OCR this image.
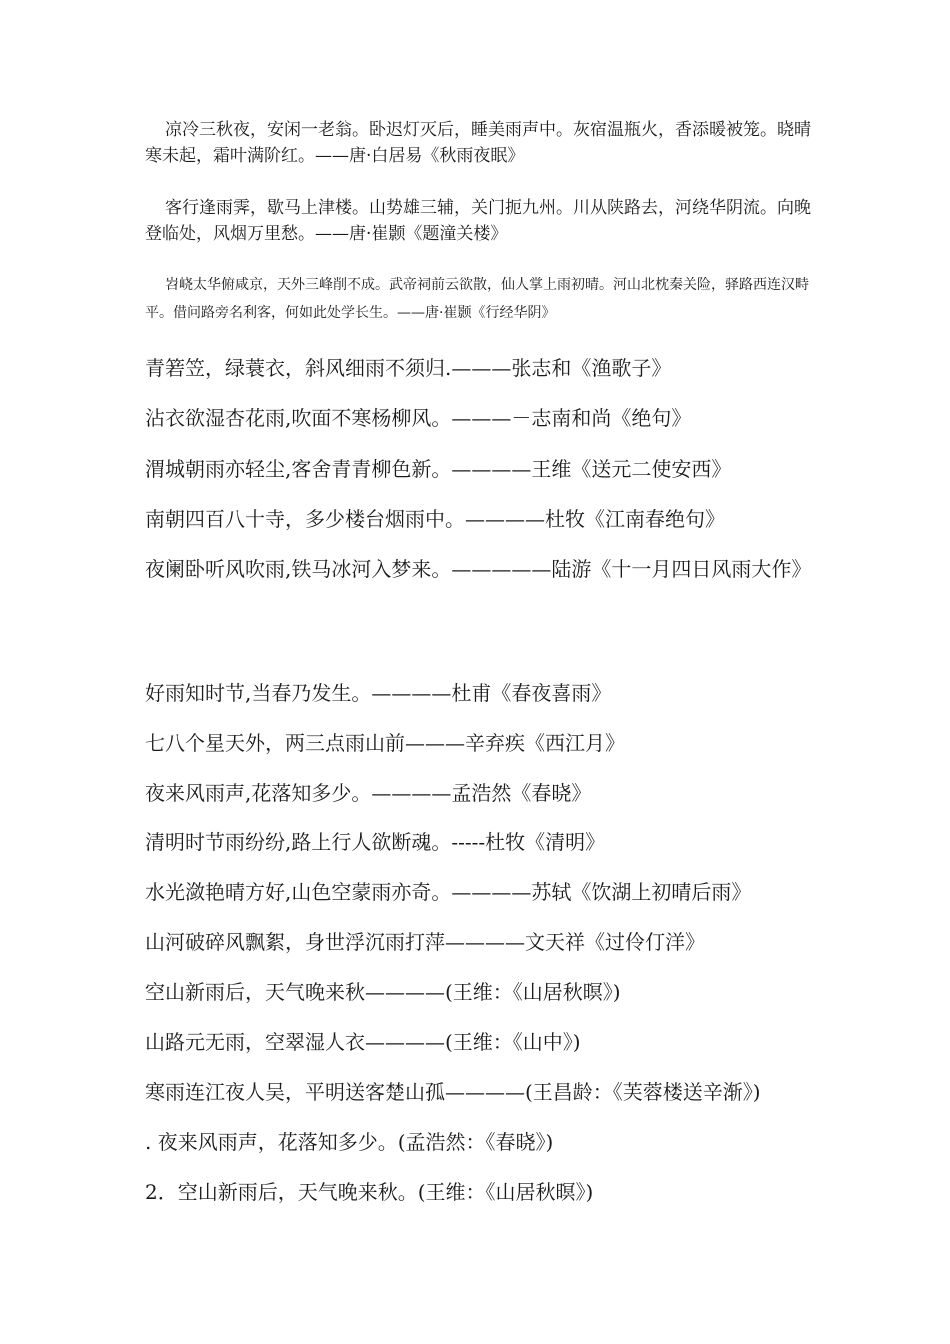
凉冷三秋夜，安闲一老翁。卧迟灯灭后，睡美雨声中。灰宿温瓶火，香添暖被笼。晓晴寒未起，霜叶满阶红。——唐·白居易《秋雨夜眠》

客行逢雨霁，歇马上津楼。山势雄三辅，关门扼九州。川从陕路去，河绕华阴流。向晚登临处，风烟万里愁。——唐·崔颢《题潼关楼》

岧峣太华俯咸京，天外三峰削不成。武帝祠前云欲散，仙人掌上雨初晴。河山北枕秦关险，驿路西连汉畤平。借问路旁名利客，何如此处学长生。——唐·崔颢《行经华阴》

青箬笠，绿蓑衣，斜风细雨不须归.———张志和《渔歌子》

沾衣欲湿杏花雨,吹面不寒杨柳风。———－志南和尚《绝句》

渭城朝雨亦轻尘,客舍青青柳色新。————王维《送元二使安西》

南朝四百八十寺，多少楼台烟雨中。————杜牧《江南春绝句》

夜阑卧听风吹雨,铁马冰河入梦来。—————陆游《十一月四日风雨大作》

好雨知时节,当春乃发生。————杜甫《春夜喜雨》

七八个星天外，两三点雨山前———辛弃疾《西江月》

夜来风雨声,花落知多少。————孟浩然《春晓》

清明时节雨纷纷,路上行人欲断魂。-----杜牧《清明》

水光潋艳晴方好,山色空蒙雨亦奇。————苏轼《饮湖上初晴后雨》

山河破碎风飘絮，身世浮沉雨打萍————文天祥《过伶仃洋》

空山新雨后，天气晚来秋————(王维：《山居秋暝》)

山路元无雨，空翠湿人衣————(王维：《山中》)

寒雨连江夜人吴，平明送客楚山孤————(王昌龄：《芙蓉楼送辛渐》)

. 夜来风雨声，花落知多少。(孟浩然：《春晓》)

2．空山新雨后，天气晚来秋。(王维：《山居秋暝》)
